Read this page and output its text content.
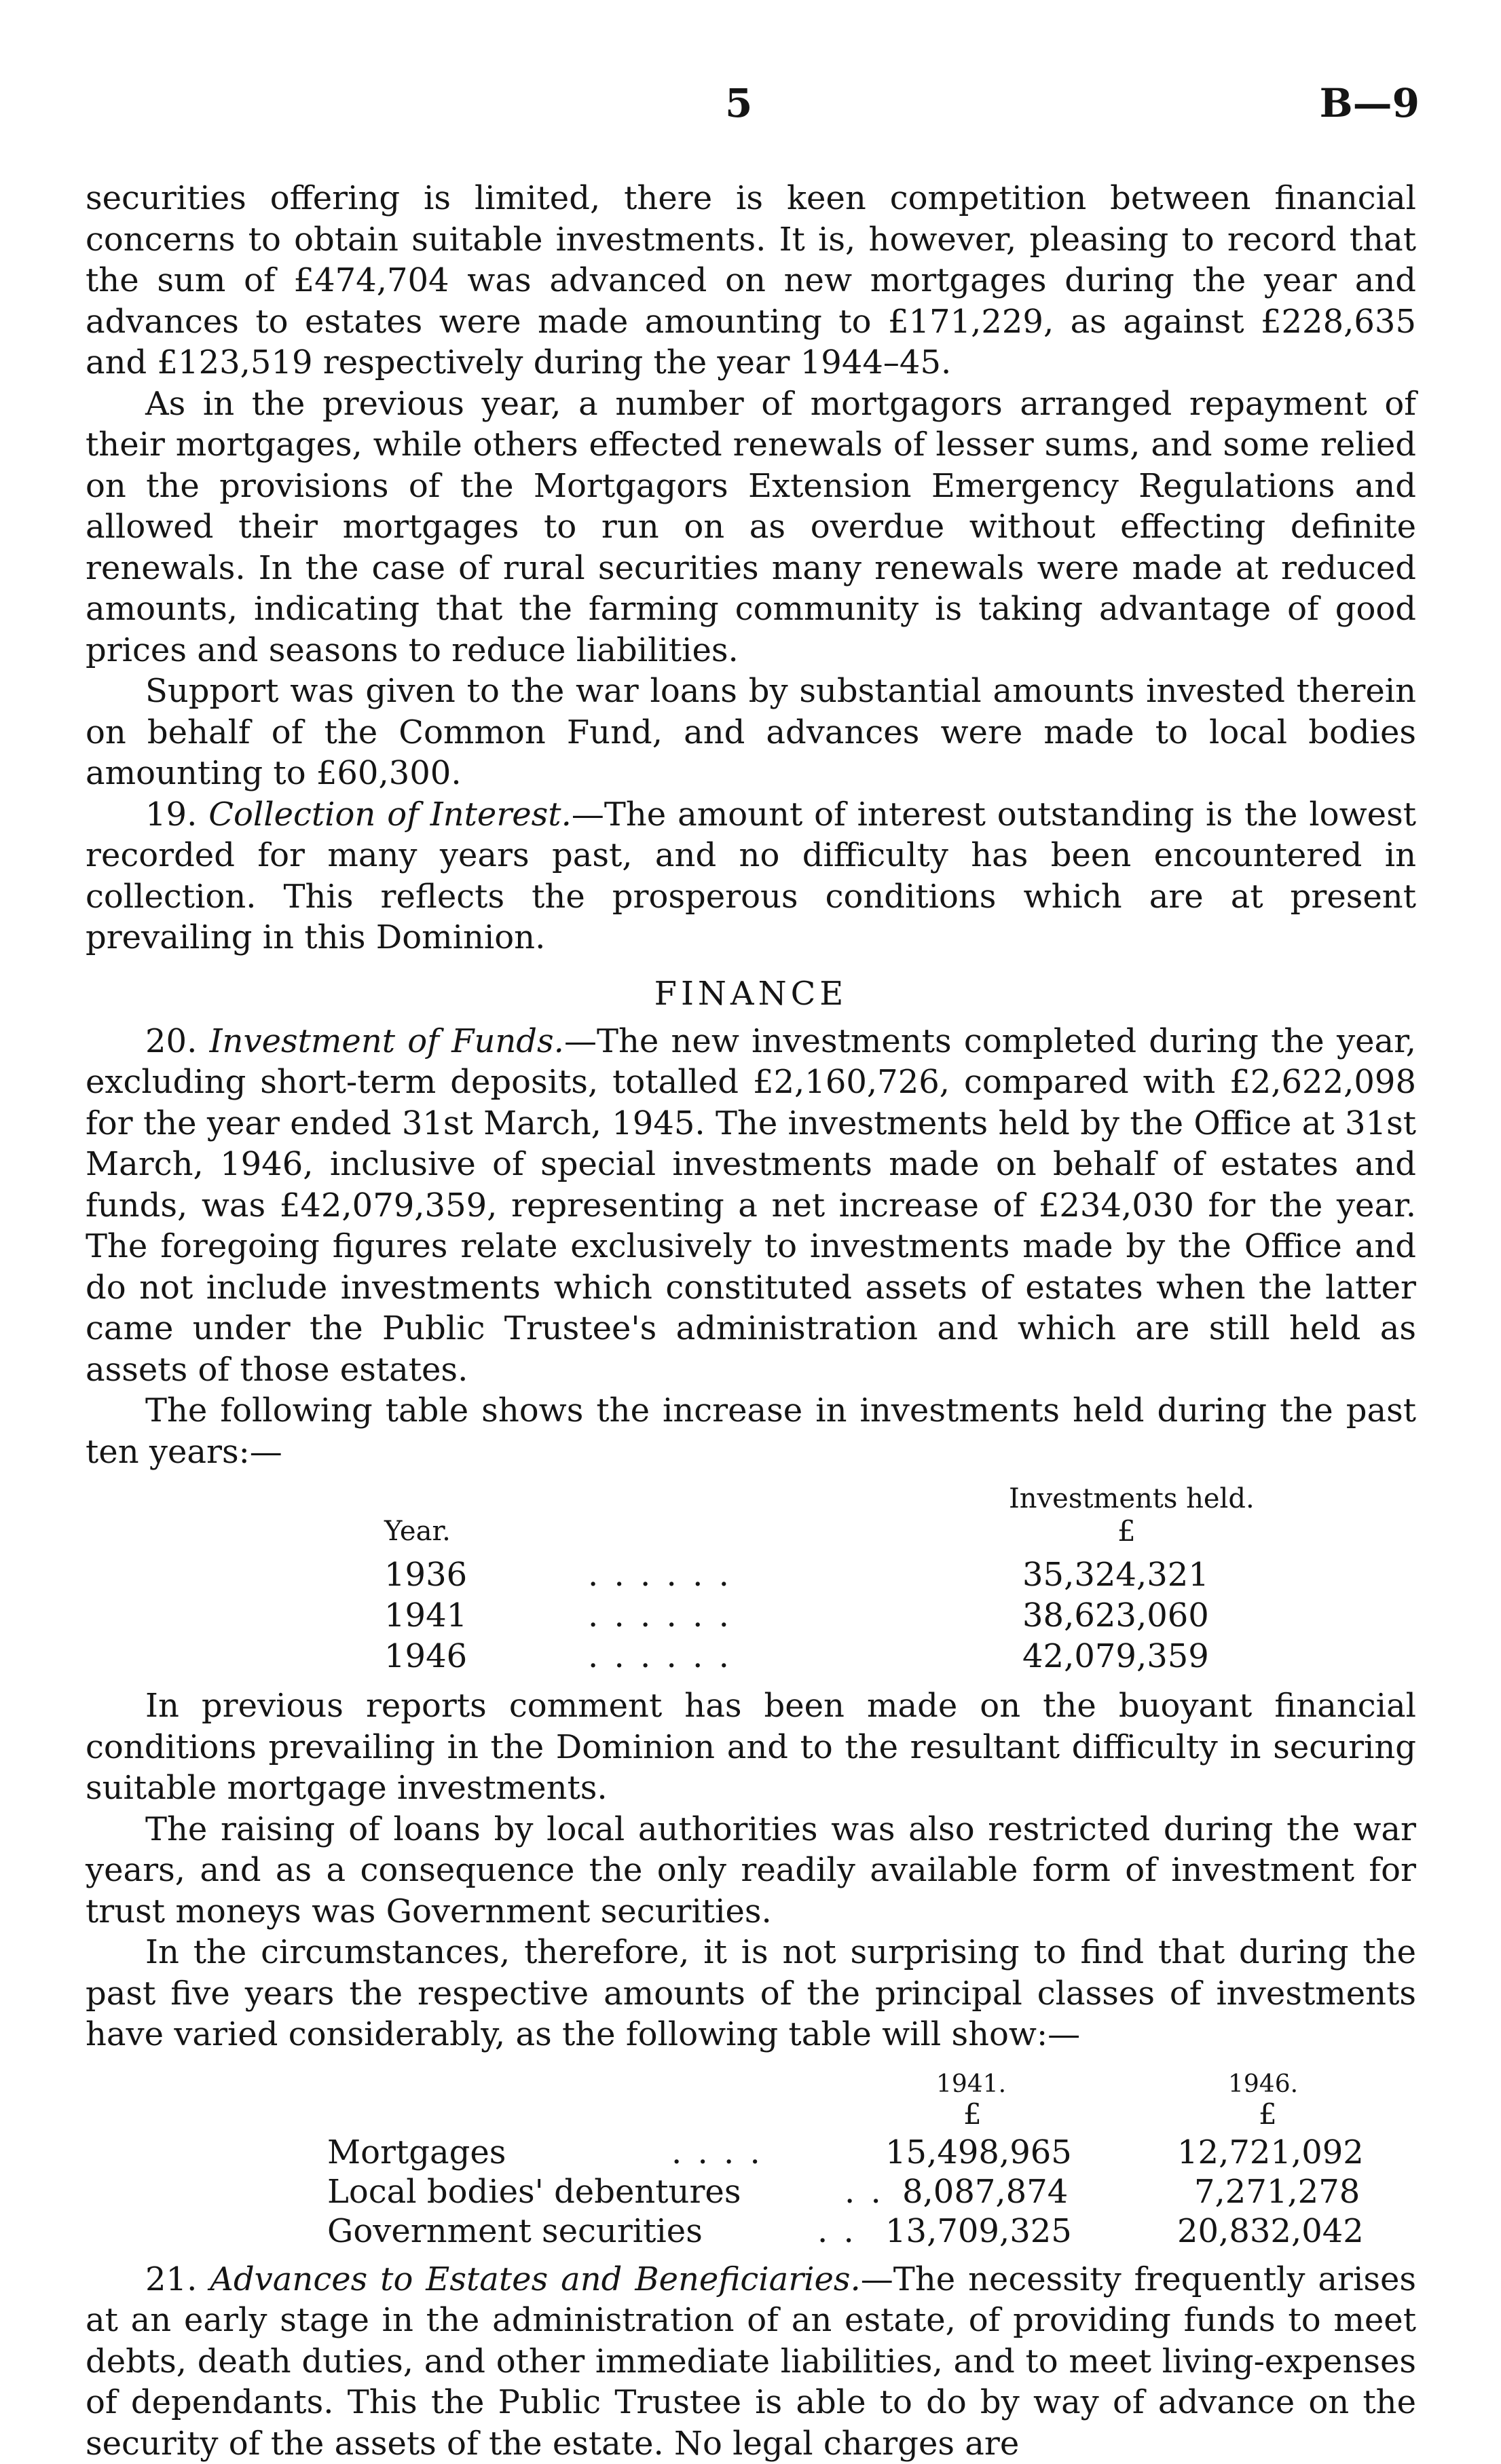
5	B—9

securities offering is limited, there is keen competition between financial concerns to obtain suitable investments. It is, however, pleasing to record that the sum of £474,704 was advanced on new mortgages during the year and advances to estates were made amounting to £171,229, as against £228,635 and £123,519 respectively during the year 1944–45.

As in the previous year, a number of mortgagors arranged repayment of their mortgages, while others effected renewals of lesser sums, and some relied on the provisions of the Mortgagors Extension Emergency Regulations and allowed their mortgages to run on as overdue without effecting definite renewals. In the case of rural securities many renewals were made at reduced amounts, indicating that the farming community is taking advantage of good prices and seasons to reduce liabilities.

Support was given to the war loans by substantial amounts invested therein on behalf of the Common Fund, and advances were made to local bodies amounting to £60,300.

19. Collection of Interest.—The amount of interest outstanding is the lowest recorded for many years past, and no difficulty has been encountered in collection. This reflects the prosperous conditions which are at present prevailing in this Dominion.

FINANCE

20. Investment of Funds.—The new investments completed during the year, excluding short-term deposits, totalled £2,160,726, compared with £2,622,098 for the year ended 31st March, 1945. The investments held by the Office at 31st March, 1946, inclusive of special investments made on behalf of estates and funds, was £42,079,359, representing a net increase of £234,030 for the year. The foregoing figures relate exclusively to investments made by the Office and do not include investments which constituted assets of estates when the latter came under the Public Trustee's administration and which are still held as assets of those estates.

The following table shows the increase in investments held during the past ten years:—

Investments held.
Year.	£
1936	. . . . . .	35,324,321
1941	. . . . . .	38,623,060
1946	. . . . . .	42,079,359

In previous reports comment has been made on the buoyant financial conditions prevailing in the Dominion and to the resultant difficulty in securing suitable mortgage investments.

The raising of loans by local authorities was also restricted during the war years, and as a consequence the only readily available form of investment for trust moneys was Government securities.

In the circumstances, therefore, it is not surprising to find that during the past five years the respective amounts of the principal classes of investments have varied considerably, as the following table will show:—

1941.	1946.
£	£
Mortgages	. . . .	15,498,965	12,721,092
Local bodies' debentures	. . 8,087,874	7,271,278
Government securities	. . 13,709,325	20,832,042

21. Advances to Estates and Beneficiaries.—The necessity frequently arises at an early stage in the administration of an estate, of providing funds to meet debts, death duties, and other immediate liabilities, and to meet living-expenses of dependants. This the Public Trustee is able to do by way of advance on the security of the assets of the estate. No legal charges are
